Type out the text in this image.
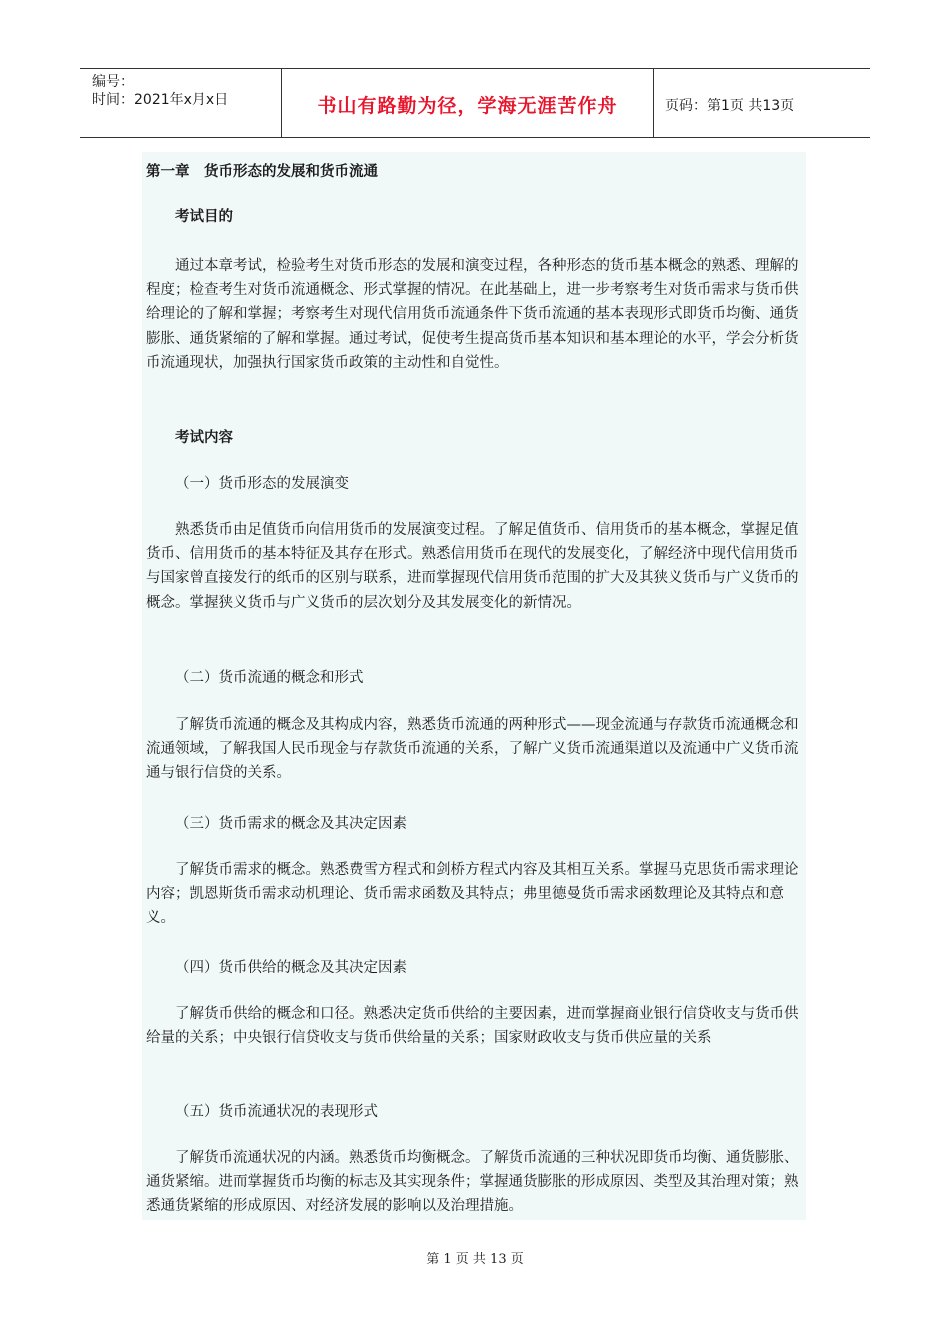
编号：
时间：2021年x月x日	书山有路勤为径，学海无涯苦作舟	页码：第1页 共13页

第一章　货币形态的发展和货币流通

考试目的

通过本章考试，检验考生对货币形态的发展和演变过程，各种形态的货币基本概念的熟悉、理解的程度；检查考生对货币流通概念、形式掌握的情况。在此基础上，进一步考察考生对货币需求与货币供给理论的了解和掌握；考察考生对现代信用货币流通条件下货币流通的基本表现形式即货币均衡、通货膨胀、通货紧缩的了解和掌握。通过考试，促使考生提高货币基本知识和基本理论的水平，学会分析货币流通现状，加强执行国家货币政策的主动性和自觉性。

考试内容

（一）货币形态的发展演变

熟悉货币由足值货币向信用货币的发展演变过程。了解足值货币、信用货币的基本概念，掌握足值货币、信用货币的基本特征及其存在形式。熟悉信用货币在现代的发展变化，了解经济中现代信用货币与国家曾直接发行的纸币的区别与联系，进而掌握现代信用货币范围的扩大及其狭义货币与广义货币的概念。掌握狭义货币与广义货币的层次划分及其发展变化的新情况。

（二）货币流通的概念和形式

了解货币流通的概念及其构成内容，熟悉货币流通的两种形式——现金流通与存款货币流通概念和流通领域，了解我国人民币现金与存款货币流通的关系，了解广义货币流通渠道以及流通中广义货币流通与银行信贷的关系。

（三）货币需求的概念及其决定因素

了解货币需求的概念。熟悉费雪方程式和剑桥方程式内容及其相互关系。掌握马克思货币需求理论内容；凯恩斯货币需求动机理论、货币需求函数及其特点；弗里德曼货币需求函数理论及其特点和意义。

（四）货币供给的概念及其决定因素

了解货币供给的概念和口径。熟悉决定货币供给的主要因素，进而掌握商业银行信贷收支与货币供给量的关系；中央银行信贷收支与货币供给量的关系；国家财政收支与货币供应量的关系

（五）货币流通状况的表现形式

了解货币流通状况的内涵。熟悉货币均衡概念。了解货币流通的三种状况即货币均衡、通货膨胀、通货紧缩。进而掌握货币均衡的标志及其实现条件；掌握通货膨胀的形成原因、类型及其治理对策；熟悉通货紧缩的形成原因、对经济发展的影响以及治理措施。

第 1 页 共 13 页
